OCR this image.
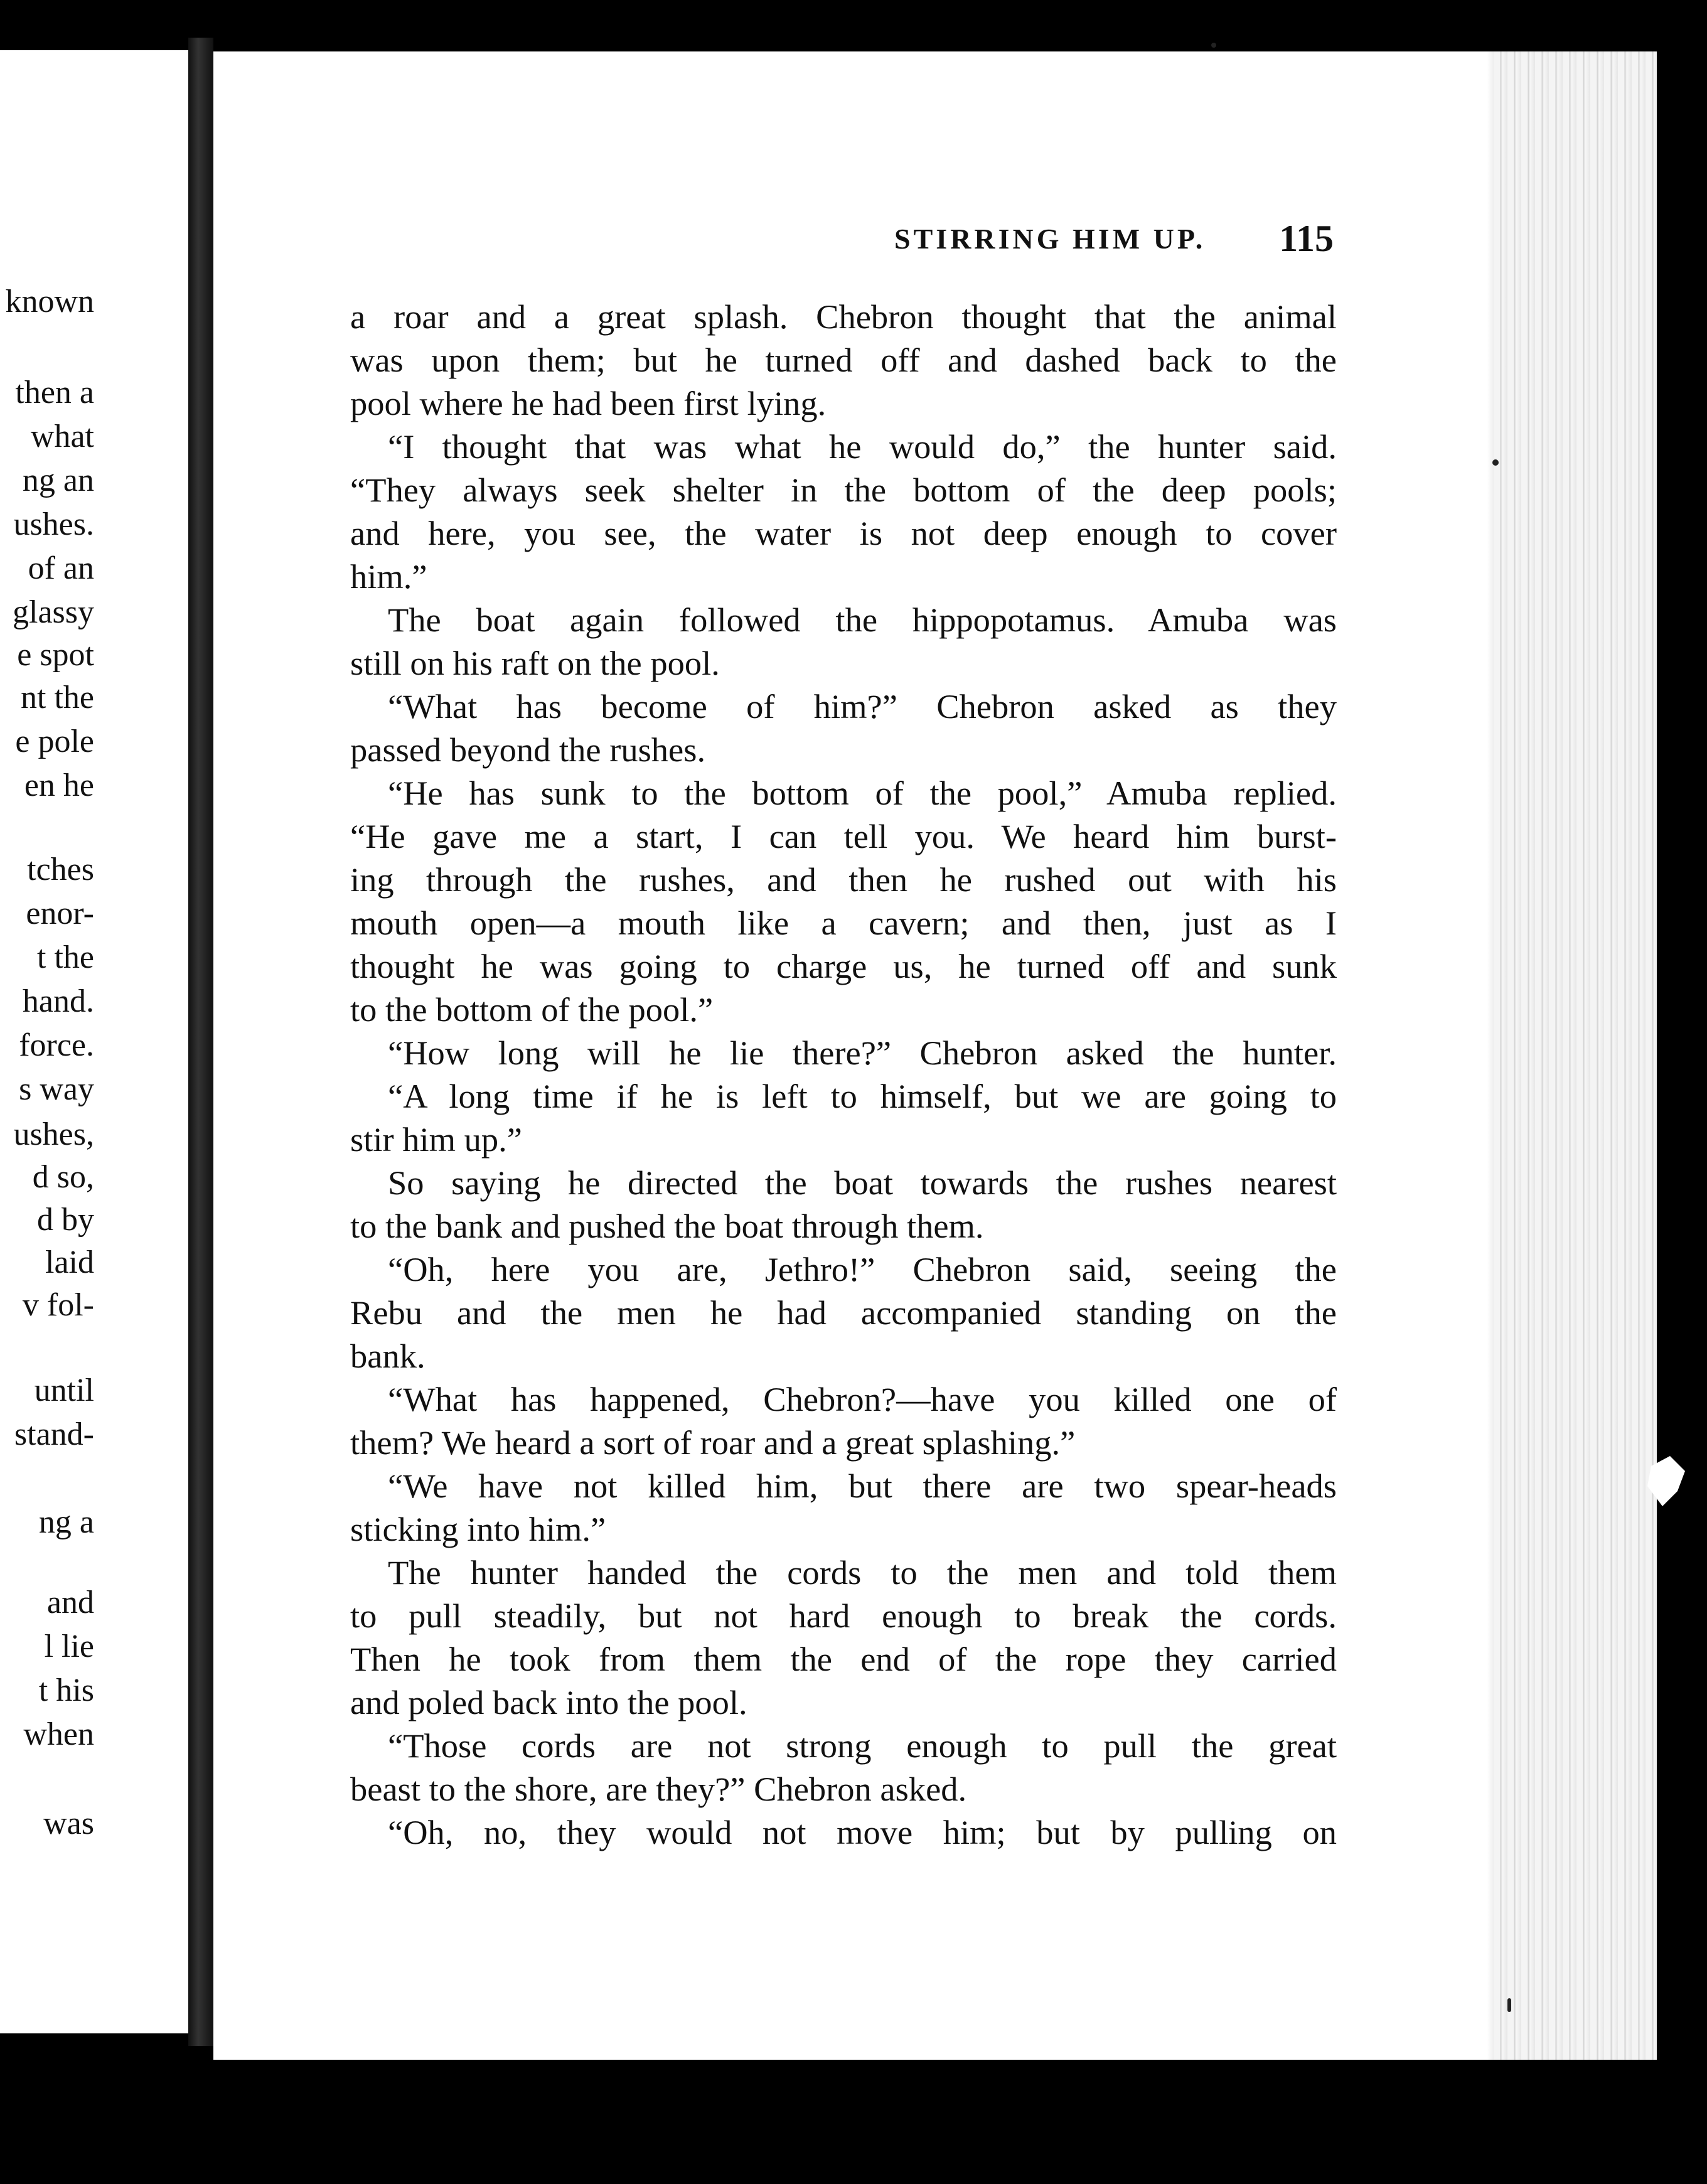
known
then a
what
ng an
ushes.
of an
glassy
e spot
nt the
e pole
en he
tches
enor-
t the
hand.
force.
s way
ushes,
d so,
d by
laid
v fol-
until
stand-
ng a
and
l lie
t his
when
was
STIRRING HIM UP. 115
a roar and a great splash. Chebron thought that the animal
was upon them; but he turned off and dashed back to the
pool where he had been first lying.
“I thought that was what he would do,” the hunter said.
“They always seek shelter in the bottom of the deep pools;
and here, you see, the water is not deep enough to cover
him.”
The boat again followed the hippopotamus. Amuba was
still on his raft on the pool.
“What has become of him?” Chebron asked as they
passed beyond the rushes.
“He has sunk to the bottom of the pool,” Amuba replied.
“He gave me a start, I can tell you. We heard him burst-
ing through the rushes, and then he rushed out with his
mouth open—a mouth like a cavern; and then, just as I
thought he was going to charge us, he turned off and sunk
to the bottom of the pool.”
“How long will he lie there?” Chebron asked the hunter.
“A long time if he is left to himself, but we are going to
stir him up.”
So saying he directed the boat towards the rushes nearest
to the bank and pushed the boat through them.
“Oh, here you are, Jethro!” Chebron said, seeing the
Rebu and the men he had accompanied standing on the
bank.
“What has happened, Chebron?—have you killed one of
them? We heard a sort of roar and a great splashing.”
“We have not killed him, but there are two spear-heads
sticking into him.”
The hunter handed the cords to the men and told them
to pull steadily, but not hard enough to break the cords.
Then he took from them the end of the rope they carried
and poled back into the pool.
“Those cords are not strong enough to pull the great
beast to the shore, are they?” Chebron asked.
“Oh, no, they would not move him; but by pulling on
